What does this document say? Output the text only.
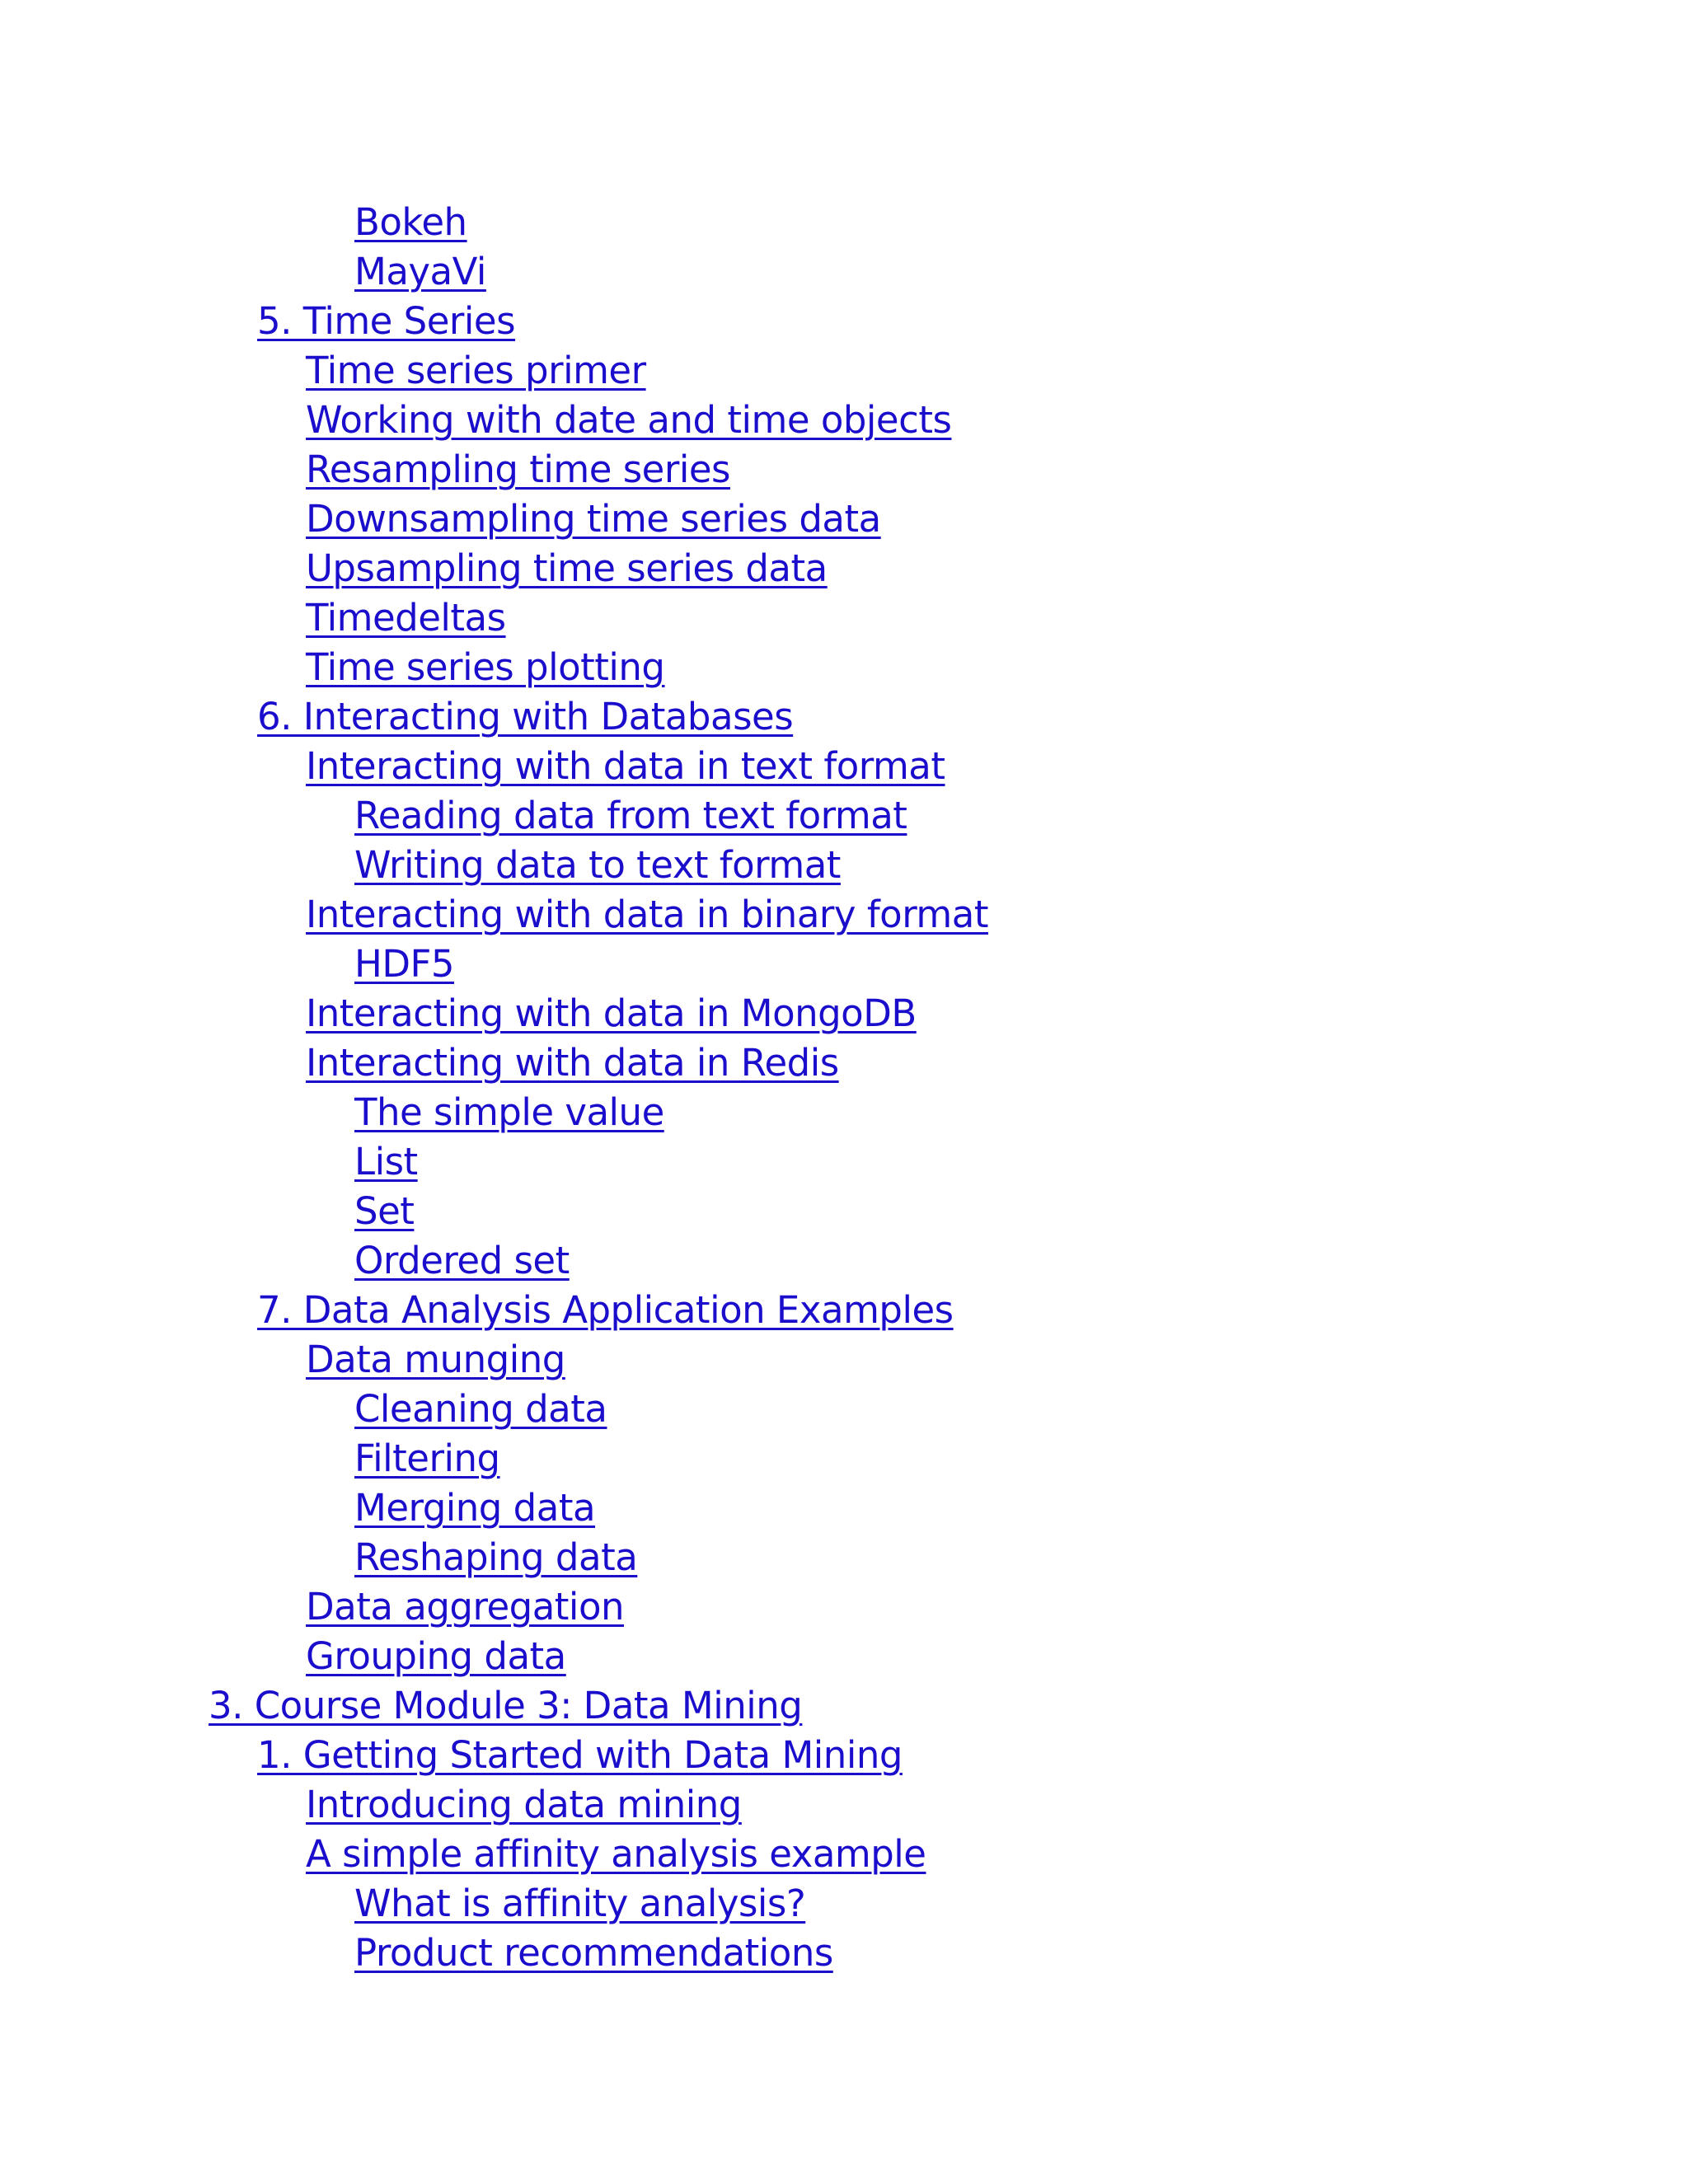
Bokeh
MayaVi
5. Time Series
Time series primer
Working with date and time objects
Resampling time series
Downsampling time series data
Upsampling time series data
Timedeltas
Time series plotting
6. Interacting with Databases
Interacting with data in text format
Reading data from text format
Writing data to text format
Interacting with data in binary format
HDF5
Interacting with data in MongoDB
Interacting with data in Redis
The simple value
List
Set
Ordered set
7. Data Analysis Application Examples
Data munging
Cleaning data
Filtering
Merging data
Reshaping data
Data aggregation
Grouping data
3. Course Module 3: Data Mining
1. Getting Started with Data Mining
Introducing data mining
A simple affinity analysis example
What is affinity analysis?
Product recommendations
